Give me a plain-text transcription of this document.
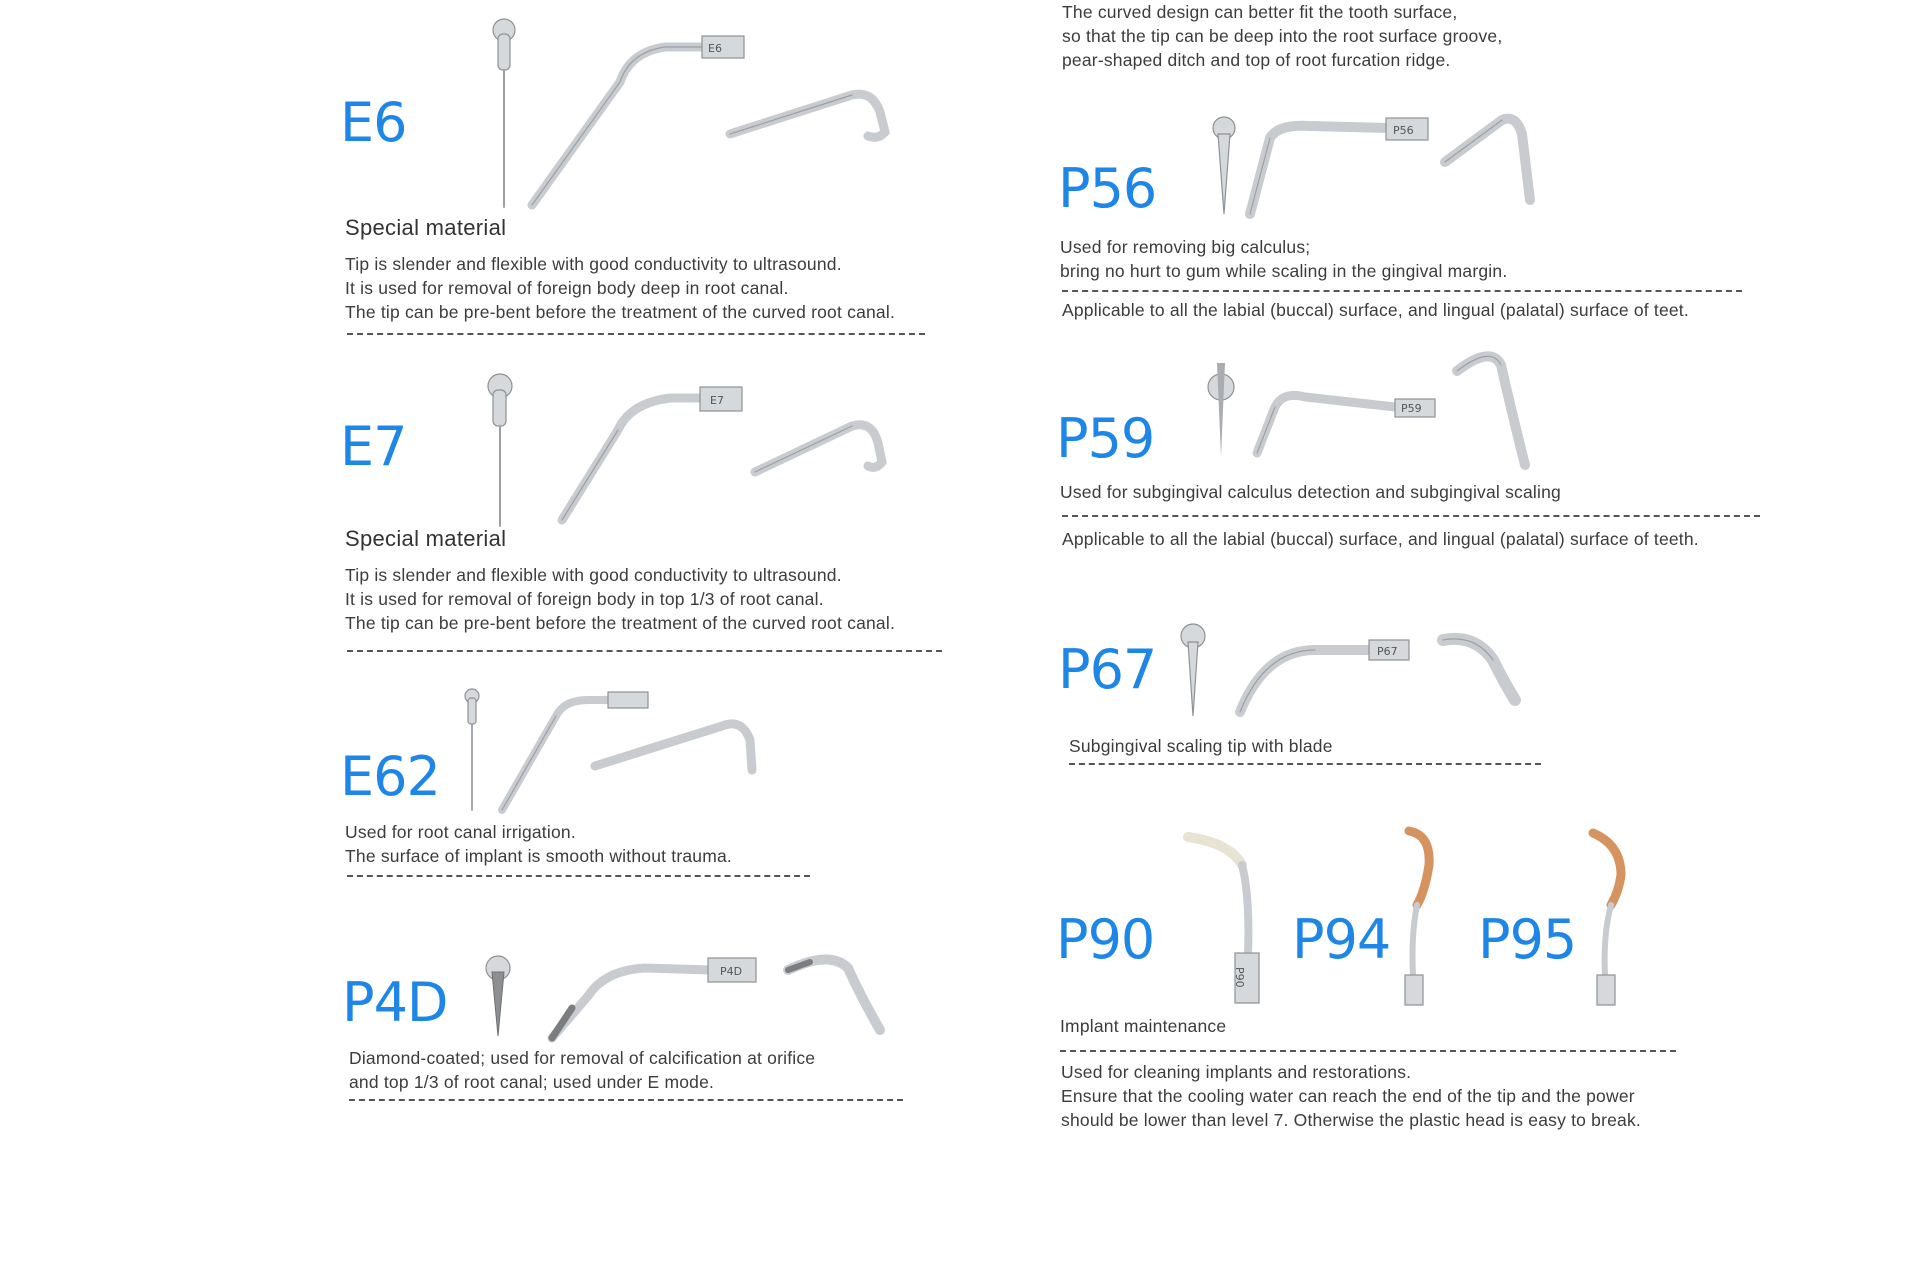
E6
E6
Special material
Tip is slender and flexible with good conductivity to ultrasound.
It is used for removal of foreign body deep in root canal.
The tip can be pre-bent before the treatment of the curved root canal.
E7
E7
Special material
Tip is slender and flexible with good conductivity to ultrasound.
It is used for removal of foreign body in top 1/3 of root canal.
The tip can be pre-bent before the treatment of the curved root canal.
E62
Used for root canal irrigation.
The surface of implant is smooth without trauma.
P4D	P4D
Diamond-coated; used for removal of calcification at orifice
and top 1/3 of root canal; used under E mode.
The curved design can better fit the tooth surface,
so that the tip can be deep into the root surface groove,
pear-shaped ditch and top of root furcation ridge.
P56
P56
Used for removing big calculus;
bring no hurt to gum while scaling in the gingival margin.
Applicable to all the labial (buccal) surface, and lingual (palatal) surface of teet.
P59	P59
Used for subgingival calculus detection and subgingival scaling
Applicable to all the labial (buccal) surface, and lingual (palatal) surface of teeth.
P67	P67
Subgingival scaling tip with blade
P90	P94 P95
P90
Implant maintenance
Used for cleaning implants and restorations.
Ensure that the cooling water can reach the end of the tip and the power
should be lower than level 7. Otherwise the plastic head is easy to break.
